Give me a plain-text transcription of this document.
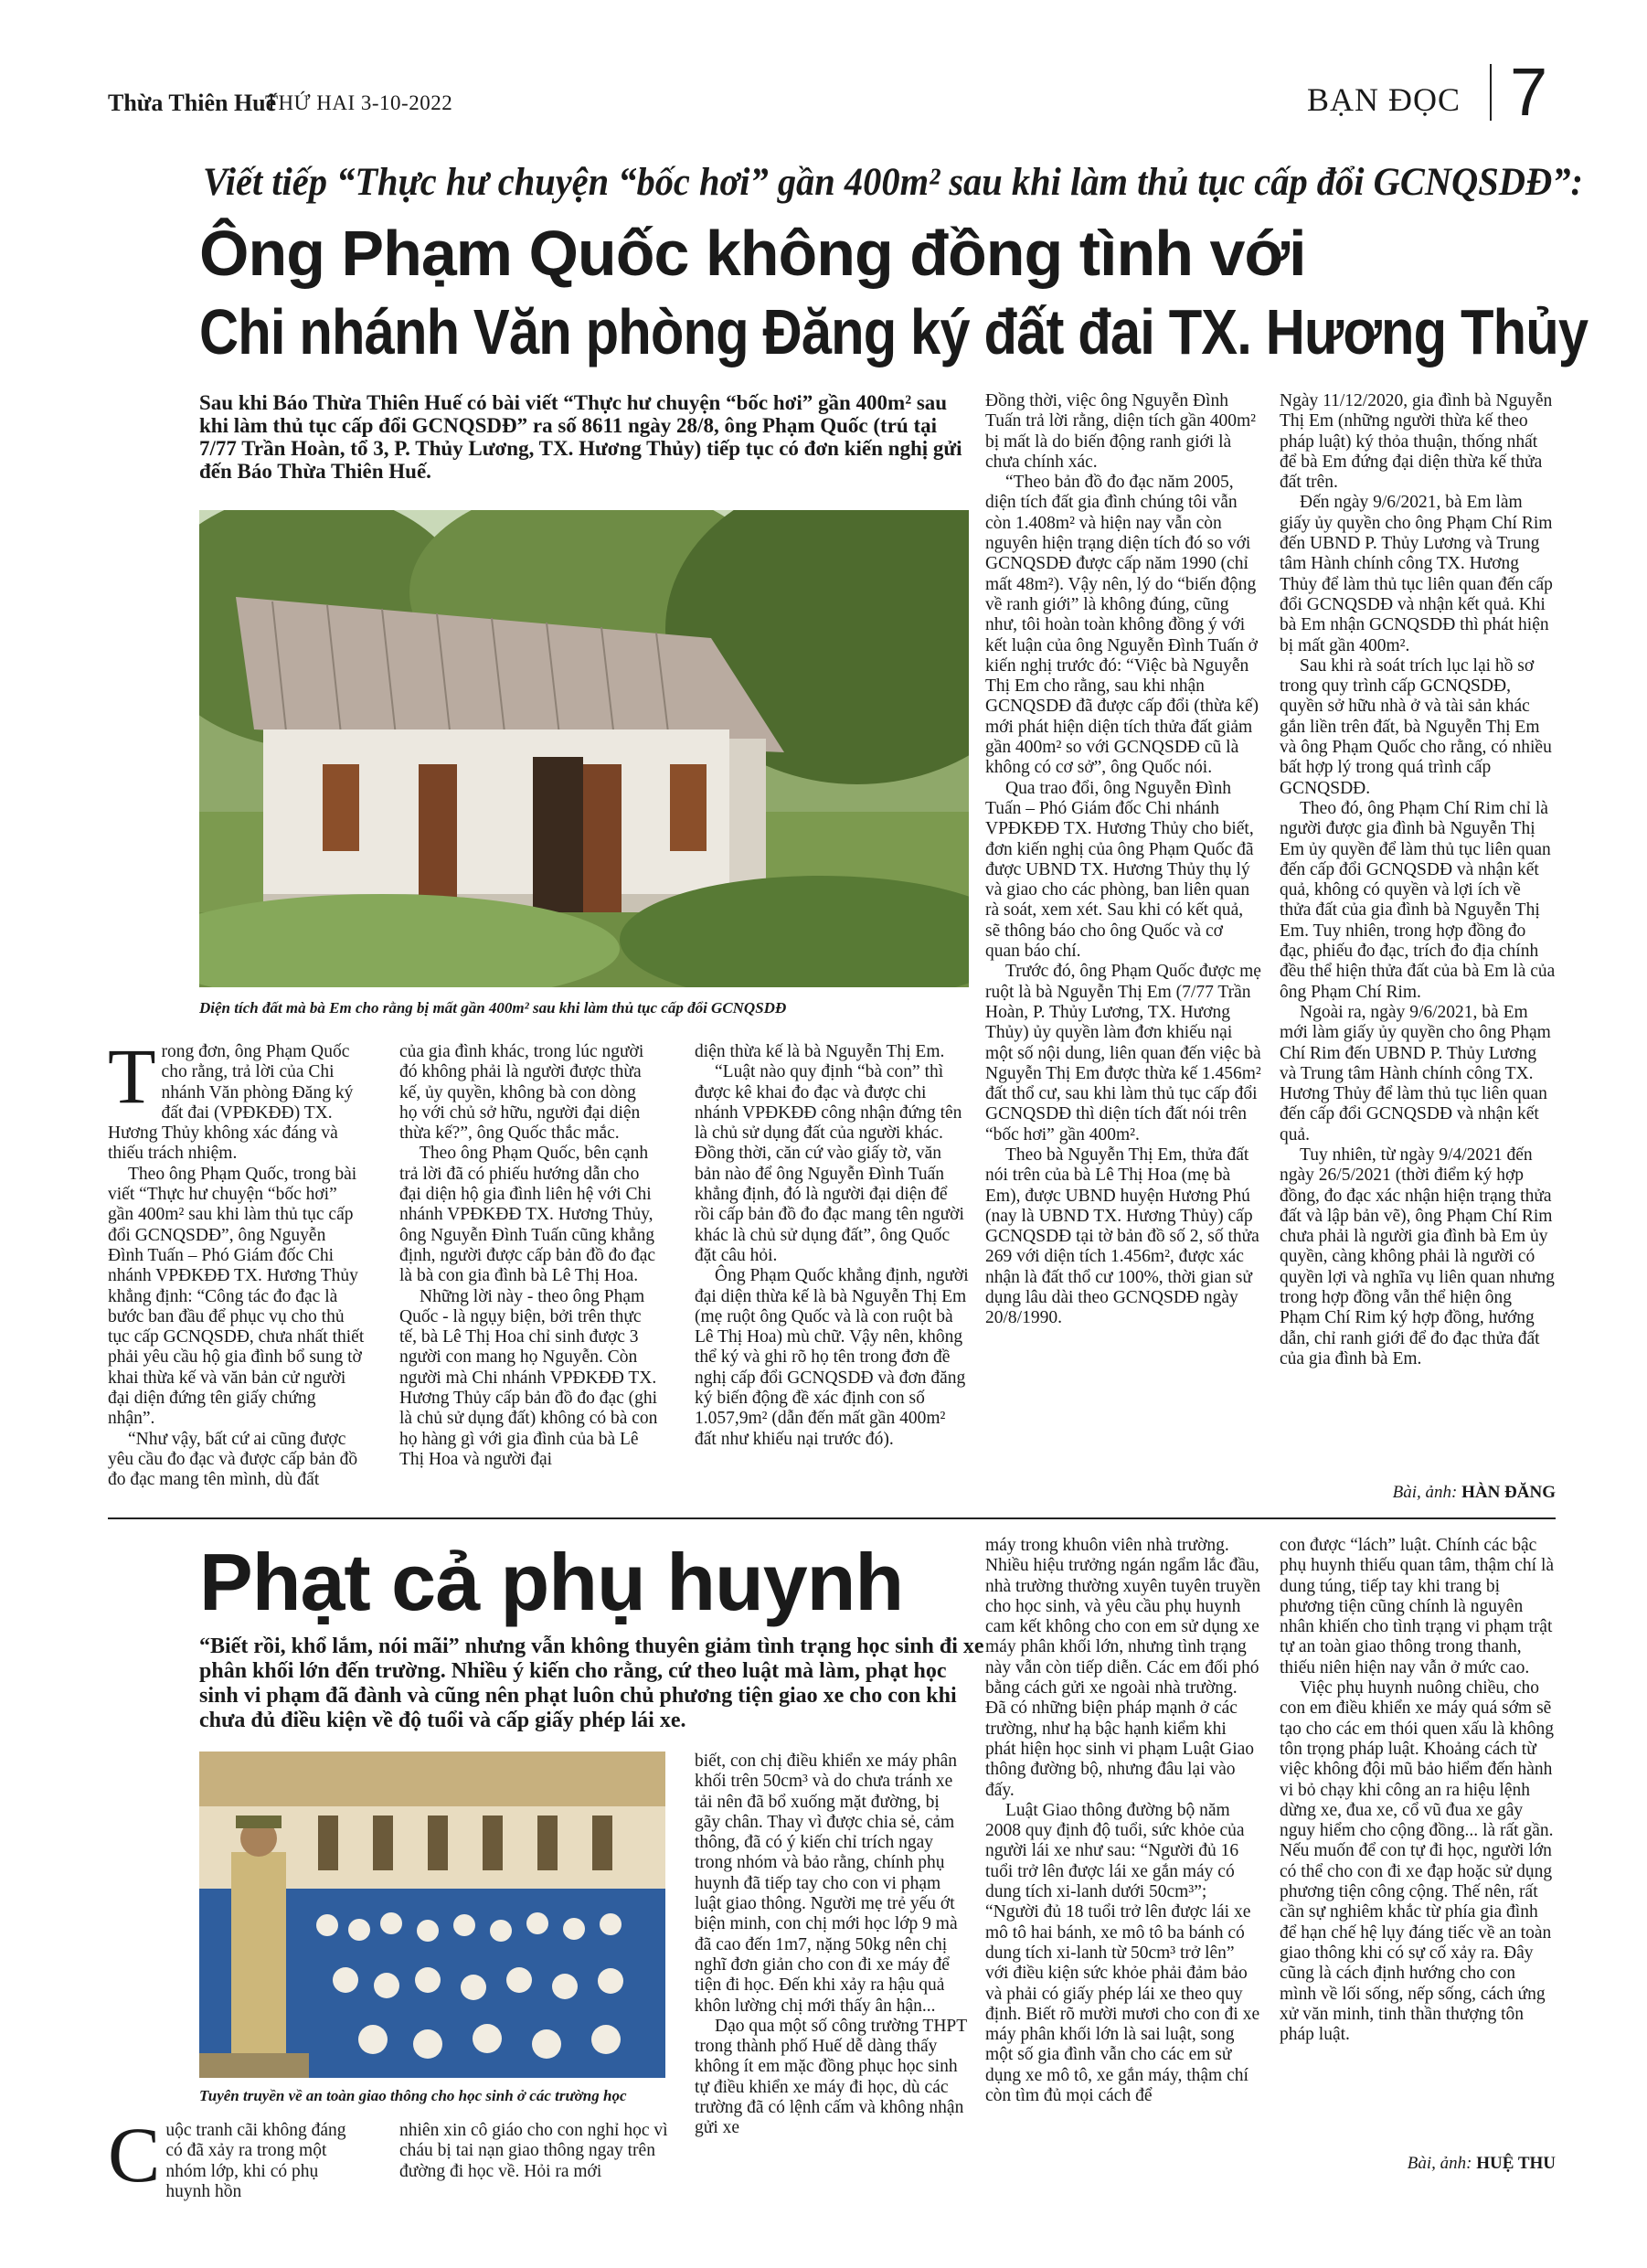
Thừa Thiên Huế
THỨ HAI 3-10-2022	BẠN ĐỌC 7
Viết tiếp “Thực hư chuyện “bốc hơi” gần 400m² sau khi làm thủ tục cấp đổi GCNQSDĐ”:
Ông Phạm Quốc không đồng tình với
Chi nhánh Văn phòng Đăng ký đất đai TX. Hương Thủy
Sau khi Báo Thừa Thiên Huế có bài viết “Thực hư chuyện “bốc hơi” gần 400m² sau khi làm thủ tục cấp đổi GCNQSDĐ” ra số 8611 ngày 28/8, ông Phạm Quốc (trú tại 7/77 Trần Hoàn, tổ 3, P. Thủy Lương, TX. Hương Thủy) tiếp tục có đơn kiến nghị gửi đến Báo Thừa Thiên Huế.
Diện tích đất mà bà Em cho rằng bị mất gần 400m² sau khi làm thủ tục cấp đổi GCNQSDĐ
T rong đơn, ông Phạm Quốc cho rằng, trả lời của Chi nhánh Văn phòng Đăng ký đất đai (VPĐKĐĐ) TX. Hương Thủy không xác đáng và thiếu trách nhiệm.

Theo ông Phạm Quốc, trong bài viết “Thực hư chuyện “bốc hơi” gần 400m² sau khi làm thủ tục cấp đổi GCNQSDĐ”, ông Nguyễn Đình Tuấn – Phó Giám đốc Chi nhánh VPĐKĐĐ TX. Hương Thủy khẳng định: “Công tác đo đạc là bước ban đầu để phục vụ cho thủ tục cấp GCNQSDĐ, chưa nhất thiết phải yêu cầu hộ gia đình bổ sung tờ khai thừa kế và văn bản cử người đại diện đứng tên giấy chứng nhận”.

“Như vậy, bất cứ ai cũng được yêu cầu đo đạc và được cấp bản đồ đo đạc mang tên mình, dù đất

của gia đình khác, trong lúc người đó không phải là người được thừa kế, ủy quyền, không bà con dòng họ với chủ sở hữu, người đại diện thừa kế?”, ông Quốc thắc mắc.

Theo ông Phạm Quốc, bên cạnh trả lời đã có phiếu hướng dẫn cho đại diện hộ gia đình liên hệ với Chi nhánh VPĐKĐĐ TX. Hương Thủy, ông Nguyễn Đình Tuấn cũng khẳng định, người được cấp bản đồ đo đạc là bà con gia đình bà Lê Thị Hoa.

Những lời này - theo ông Phạm Quốc - là ngụy biện, bởi trên thực tế, bà Lê Thị Hoa chỉ sinh được 3 người con mang họ Nguyễn. Còn người mà Chi nhánh VPĐKĐĐ TX. Hương Thủy cấp bản đồ đo đạc (ghi là chủ sử dụng đất) không có bà con họ hàng gì với gia đình của bà Lê Thị Hoa và người đại

diện thừa kế là bà Nguyễn Thị Em.

“Luật nào quy định “bà con” thì được kê khai đo đạc và được chi nhánh VPĐKĐĐ công nhận đứng tên là chủ sử dụng đất của người khác. Đồng thời, căn cứ vào giấy tờ, văn bản nào để ông Nguyễn Đình Tuấn khẳng định, đó là người đại diện để rồi cấp bản đồ đo đạc mang tên người khác là chủ sử dụng đất”, ông Quốc đặt câu hỏi.

Ông Phạm Quốc khẳng định, người đại diện thừa kế là bà Nguyễn Thị Em (mẹ ruột ông Quốc và là con ruột bà Lê Thị Hoa) mù chữ. Vậy nên, không thể ký và ghi rõ họ tên trong đơn đề nghị cấp đổi GCNQSDĐ và đơn đăng ký biến động đề xác định con số 1.057,9m² (dẫn đến mất gần 400m² đất như khiếu nại trước đó).

Đồng thời, việc ông Nguyễn Đình Tuấn trả lời rằng, diện tích gần 400m² bị mất là do biến động ranh giới là chưa chính xác.

“Theo bản đồ đo đạc năm 2005, diện tích đất gia đình chúng tôi vẫn còn 1.408m² và hiện nay vẫn còn nguyên hiện trạng diện tích đó so với GCNQSDĐ được cấp năm 1990 (chỉ mất 48m²). Vậy nên, lý do “biến động về ranh giới” là không đúng, cũng như, tôi hoàn toàn không đồng ý với kết luận của ông Nguyễn Đình Tuấn ở kiến nghị trước đó: “Việc bà Nguyễn Thị Em cho rằng, sau khi nhận GCNQSDĐ đã được cấp đổi (thừa kế) mới phát hiện diện tích thửa đất giảm gần 400m² so với GCNQSDĐ cũ là không có cơ sở”, ông Quốc nói.

Qua trao đổi, ông Nguyễn Đình Tuấn – Phó Giám đốc Chi nhánh VPĐKĐĐ TX. Hương Thủy cho biết, đơn kiến nghị của ông Phạm Quốc đã được UBND TX. Hương Thủy thụ lý và giao cho các phòng, ban liên quan rà soát, xem xét. Sau khi có kết quả, sẽ thông báo cho ông Quốc và cơ quan báo chí.

Trước đó, ông Phạm Quốc được mẹ ruột là bà Nguyễn Thị Em (7/77 Trần Hoàn, P. Thủy Lương, TX. Hương Thủy) ủy quyền làm đơn khiếu nại một số nội dung, liên quan đến việc bà Nguyễn Thị Em được thừa kế 1.456m² đất thổ cư, sau khi làm thủ tục cấp đổi GCNQSDĐ thì diện tích đất nói trên “bốc hơi” gần 400m².

Theo bà Nguyễn Thị Em, thửa đất nói trên của bà Lê Thị Hoa (mẹ bà Em), được UBND huyện Hương Phú (nay là UBND TX. Hương Thủy) cấp GCNQSDĐ tại tờ bản đồ số 2, số thửa 269 với diện tích 1.456m², được xác nhận là đất thổ cư 100%, thời gian sử dụng lâu dài theo GCNQSDĐ ngày 20/8/1990.

Ngày 11/12/2020, gia đình bà Nguyễn Thị Em (những người thừa kế theo pháp luật) ký thỏa thuận, thống nhất để bà Em đứng đại diện thừa kế thửa đất trên.

Đến ngày 9/6/2021, bà Em làm giấy ủy quyền cho ông Phạm Chí Rim đến UBND P. Thủy Lương và Trung tâm Hành chính công TX. Hương Thủy để làm thủ tục liên quan đến cấp đổi GCNQSDĐ và nhận kết quả. Khi bà Em nhận GCNQSDĐ thì phát hiện bị mất gần 400m².

Sau khi rà soát trích lục lại hồ sơ trong quy trình cấp GCNQSDĐ, quyền sở hữu nhà ở và tài sản khác gắn liền trên đất, bà Nguyễn Thị Em và ông Phạm Quốc cho rằng, có nhiều bất hợp lý trong quá trình cấp GCNQSDĐ.

Theo đó, ông Phạm Chí Rim chỉ là người được gia đình bà Nguyễn Thị Em ủy quyền để làm thủ tục liên quan đến cấp đổi GCNQSDĐ và nhận kết quả, không có quyền và lợi ích về thửa đất của gia đình bà Nguyễn Thị Em. Tuy nhiên, trong hợp đồng đo đạc, phiếu đo đạc, trích đo địa chính đều thể hiện thửa đất của bà Em là của ông Phạm Chí Rim.

Ngoài ra, ngày 9/6/2021, bà Em mới làm giấy ủy quyền cho ông Phạm Chí Rim đến UBND P. Thủy Lương và Trung tâm Hành chính công TX. Hương Thủy để làm thủ tục liên quan đến cấp đổi GCNQSDĐ và nhận kết quả.

Tuy nhiên, từ ngày 9/4/2021 đến ngày 26/5/2021 (thời điểm ký hợp đồng, đo đạc xác nhận hiện trạng thửa đất và lập bản vẽ), ông Phạm Chí Rim chưa phải là người gia đình bà Em ủy quyền, càng không phải là người có quyền lợi và nghĩa vụ liên quan nhưng trong hợp đồng vẫn thể hiện ông Phạm Chí Rim ký hợp đồng, hướng dẫn, chỉ ranh giới để đo đạc thửa đất của gia đình bà Em.

Bài, ảnh: HÀN ĐĂNG
Phạt cả phụ huynh
“Biết rồi, khổ lắm, nói mãi” nhưng vẫn không thuyên giảm tình trạng học sinh đi xe phân khối lớn đến trường. Nhiều ý kiến cho rằng, cứ theo luật mà làm, phạt học sinh vi phạm đã đành và cũng nên phạt luôn chủ phương tiện giao xe cho con khi chưa đủ điều kiện về độ tuổi và cấp giấy phép lái xe.
Tuyên truyền về an toàn giao thông cho học sinh ở các trường học
C uộc tranh cãi không đáng có đã xảy ra trong một nhóm lớp, khi có phụ huynh hồn

nhiên xin cô giáo cho con nghỉ học vì cháu bị tai nạn giao thông ngay trên đường đi học về. Hỏi ra mới

biết, con chị điều khiển xe máy phân khối trên 50cm³ và do chưa tránh xe tải nên đã bổ xuống mặt đường, bị gãy chân. Thay vì được chia sẻ, cảm thông, đã có ý kiến chỉ trích ngay trong nhóm và bảo rằng, chính phụ huynh đã tiếp tay cho con vi phạm luật giao thông. Người mẹ trẻ yếu ớt biện minh, con chị mới học lớp 9 mà đã cao đến 1m7, nặng 50kg nên chị nghĩ đơn giản cho con đi xe máy để tiện đi học. Đến khi xảy ra hậu quả khôn lường chị mới thấy ân hận...

Dạo qua một số công trường THPT trong thành phố Huế dễ dàng thấy không ít em mặc đồng phục học sinh tự điều khiển xe máy đi học, dù các trường đã có lệnh cấm và không nhận gửi xe

máy trong khuôn viên nhà trường. Nhiều hiệu trưởng ngán ngẩm lắc đầu, nhà trường thường xuyên tuyên truyền cho học sinh, và yêu cầu phụ huynh cam kết không cho con em sử dụng xe máy phân khối lớn, nhưng tình trạng này vẫn còn tiếp diễn. Các em đối phó bằng cách gửi xe ngoài nhà trường. Đã có những biện pháp mạnh ở các trường, như hạ bậc hạnh kiểm khi phát hiện học sinh vi phạm Luật Giao thông đường bộ, nhưng đâu lại vào đấy.

Luật Giao thông đường bộ năm 2008 quy định độ tuổi, sức khỏe của người lái xe như sau: “Người đủ 16 tuổi trở lên được lái xe gắn máy có dung tích xi-lanh dưới 50cm³”; “Người đủ 18 tuổi trở lên được lái xe mô tô hai bánh, xe mô tô ba bánh có dung tích xi-lanh từ 50cm³ trở lên” với điều kiện sức khỏe phải đảm bảo và phải có giấy phép lái xe theo quy định. Biết rõ mười mươi cho con đi xe máy phân khối lớn là sai luật, song một số gia đình vẫn cho các em sử dụng xe mô tô, xe gắn máy, thậm chí còn tìm đủ mọi cách để

con được “lách” luật. Chính các bậc phụ huynh thiếu quan tâm, thậm chí là dung túng, tiếp tay khi trang bị phương tiện cũng chính là nguyên nhân khiến cho tình trạng vi phạm trật tự an toàn giao thông trong thanh, thiếu niên hiện nay vẫn ở mức cao.

Việc phụ huynh nuông chiều, cho con em điều khiển xe máy quá sớm sẽ tạo cho các em thói quen xấu là không tôn trọng pháp luật. Khoảng cách từ việc không đội mũ bảo hiểm đến hành vi bỏ chạy khi công an ra hiệu lệnh dừng xe, đua xe, cổ vũ đua xe gây nguy hiểm cho cộng đồng... là rất gần. Nếu muốn để con tự đi học, người lớn có thể cho con đi xe đạp hoặc sử dụng phương tiện công cộng. Thế nên, rất cần sự nghiêm khắc từ phía gia đình để hạn chế hệ lụy đáng tiếc về an toàn giao thông khi có sự cố xảy ra. Đây cũng là cách định hướng cho con mình về lối sống, nếp sống, cách ứng xử văn minh, tinh thần thượng tôn pháp luật.

Bài, ảnh: HUỆ THU
